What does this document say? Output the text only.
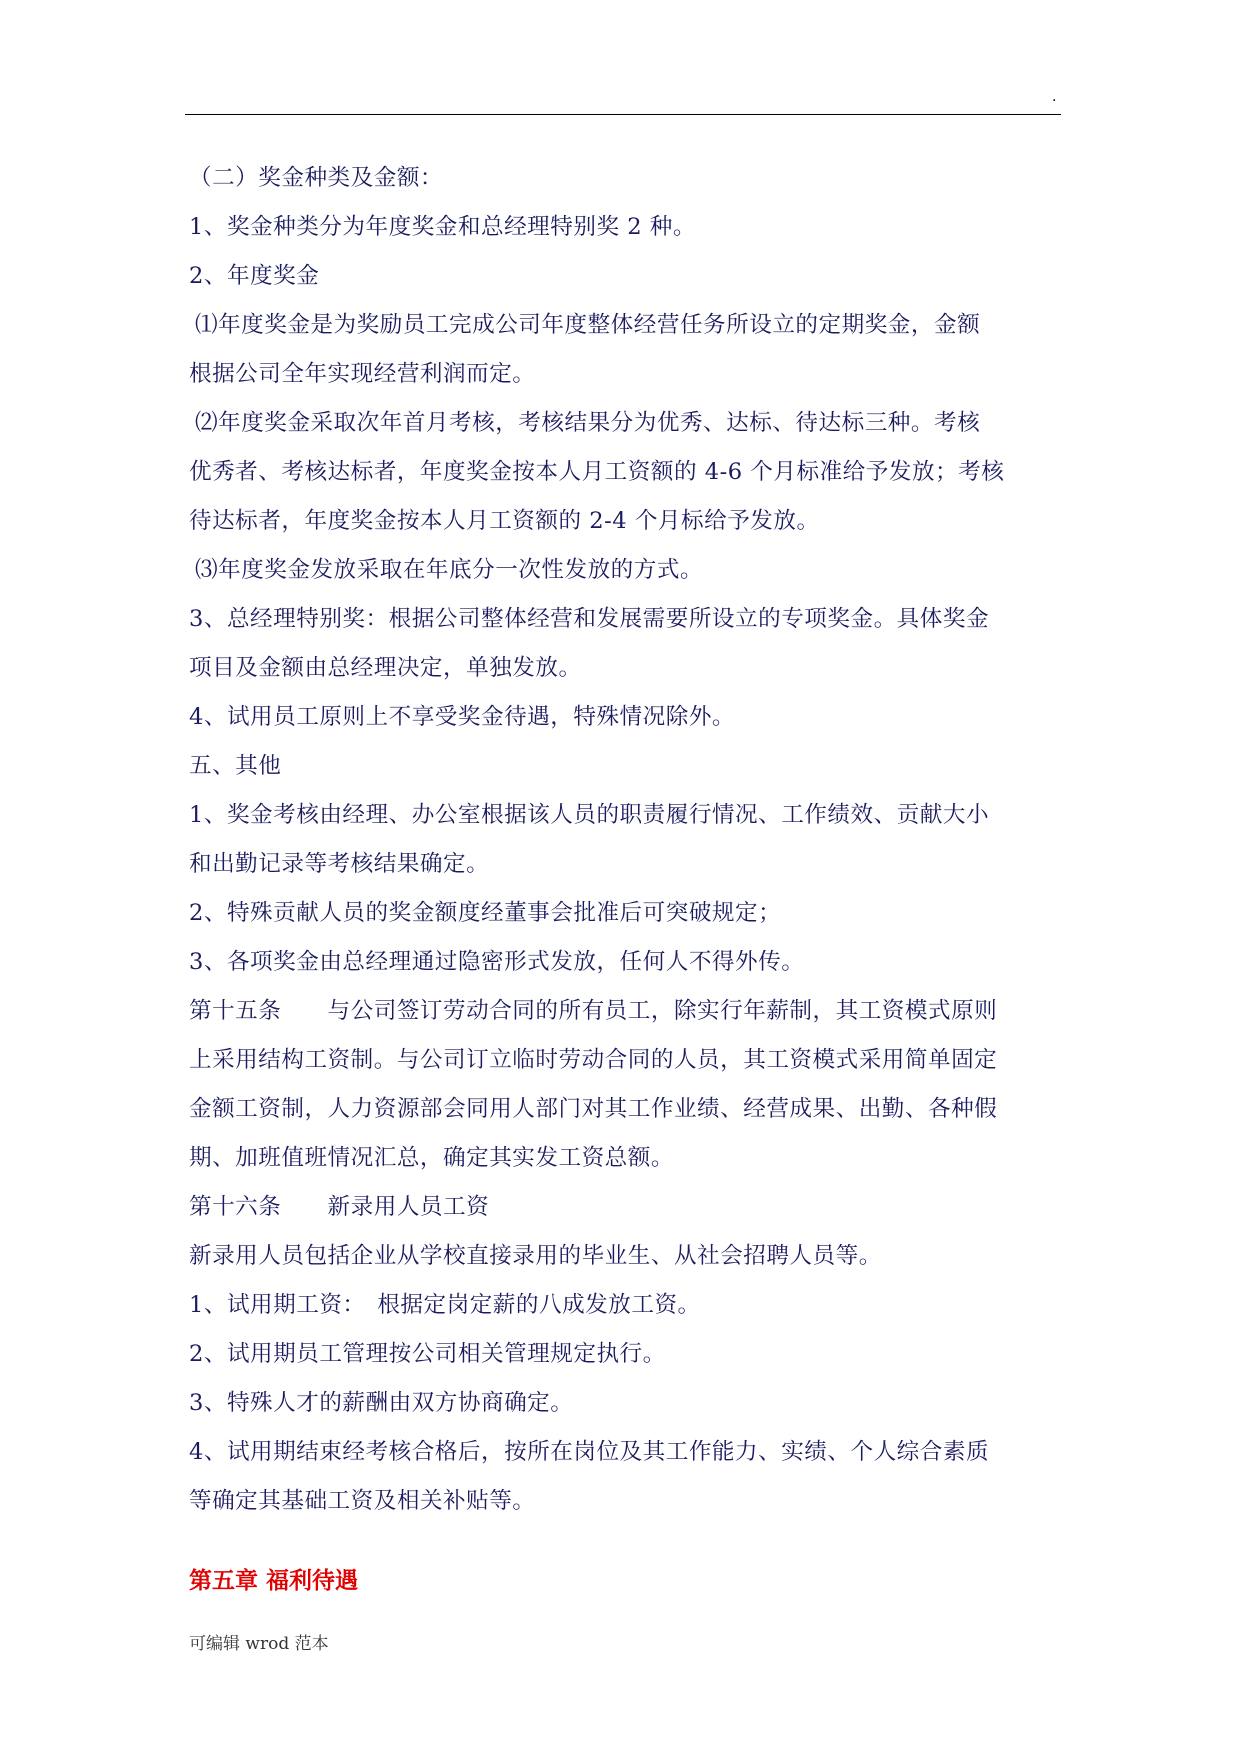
.

（二）奖金种类及金额：

1、奖金种类分为年度奖金和总经理特别奖 2 种。

2、年度奖金

⑴年度奖金是为奖励员工完成公司年度整体经营任务所设立的定期奖金，金额

根据公司全年实现经营利润而定。

⑵年度奖金采取次年首月考核，考核结果分为优秀、达标、待达标三种。考核

优秀者、考核达标者，年度奖金按本人月工资额的 4-6 个月标准给予发放；考核

待达标者，年度奖金按本人月工资额的 2-4 个月标给予发放。

⑶年度奖金发放采取在年底分一次性发放的方式。

3、总经理特别奖：根据公司整体经营和发展需要所设立的专项奖金。具体奖金

项目及金额由总经理决定，单独发放。

4、试用员工原则上不享受奖金待遇，特殊情况除外。

五、其他

1、奖金考核由经理、办公室根据该人员的职责履行情况、工作绩效、贡献大小

和出勤记录等考核结果确定。

2、特殊贡献人员的奖金额度经董事会批准后可突破规定；

3、各项奖金由总经理通过隐密形式发放，任何人不得外传。

第十五条　　与公司签订劳动合同的所有员工，除实行年薪制，其工资模式原则

上采用结构工资制。与公司订立临时劳动合同的人员，其工资模式采用简单固定

金额工资制，人力资源部会同用人部门对其工作业绩、经营成果、出勤、各种假

期、加班值班情况汇总，确定其实发工资总额。

第十六条　　新录用人员工资

新录用人员包括企业从学校直接录用的毕业生、从社会招聘人员等。

1、试用期工资：　根据定岗定薪的八成发放工资。

2、试用期员工管理按公司相关管理规定执行。

3、特殊人才的薪酬由双方协商确定。

4、试用期结束经考核合格后，按所在岗位及其工作能力、实绩、个人综合素质

等确定其基础工资及相关补贴等。

第五章 福利待遇
可编辑 wrod 范本
